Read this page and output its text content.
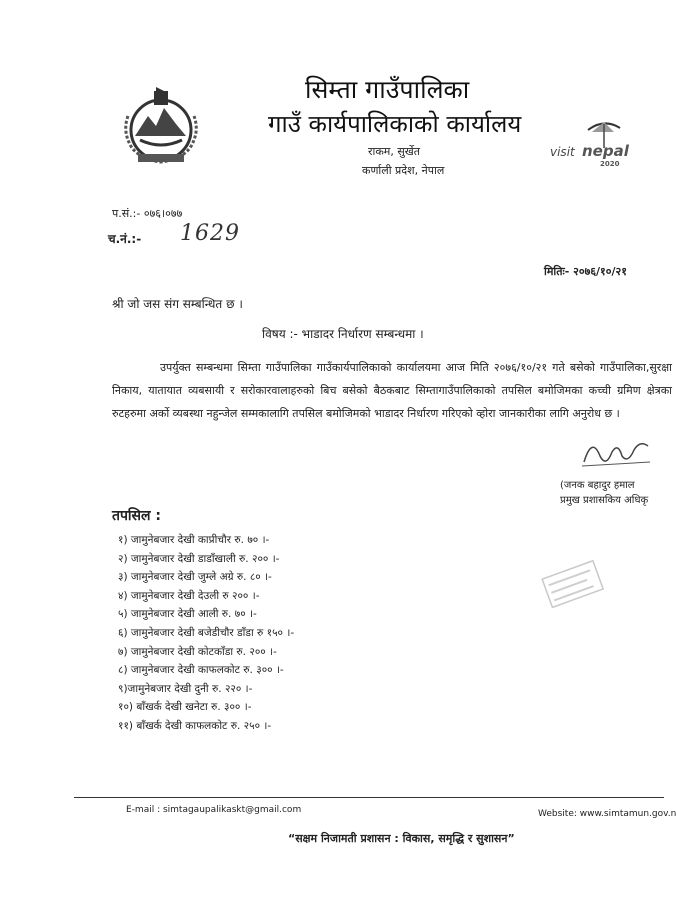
सिम्ता गाउँपालिका
गाउँ कार्यपालिकाको कार्यालय
राकम, सुर्खेत
कर्णाली प्रदेश, नेपाल
visit nepal
2020
प.सं.:- ०७६।०७७
च.नं.:- 1629
मितिः- २०७६/१०/२१
श्री जो जस संग सम्बन्धित छ ।
विषय :- भाडादर निर्धारण सम्बन्धमा ।
उपर्युक्त सम्बन्धमा सिम्ता गाउँपालिका गाउँकार्यपालिकाको कार्यालयमा आज मिति २०७६/१०/२१ गते बसेको गाउँपालिका,सुरक्षा निकाय, यातायात व्यबसायी र सरोकारवालाहरुको बिच बसेको बैठकबाट सिम्तागाउँपालिकाको तपसिल बमोजिमका कच्ची ग्रमिण क्षेत्रका रुटहरुमा अर्को व्यबस्था नहुन्जेल सम्मकालागि तपसिल बमोजिमको भाडादर निर्धारण गरिएको व्हाेरा जानकारीका लागि अनुरोध छ ।
(जनक बहादुर हमाल
प्रमुख प्रशासकिय अधिकृ
तपसिल :
१) जामुनेबजार देखी काप्रीचौर रु. ७० ।-
२) जामुनेबजार देखी डाडाँखाली रु. २०० ।-
३) जामुनेबजार देखी जुम्ले अग्रे रु. ८० ।-
४) जामुनेबजार देखी देउली रु २०० ।-
५) जामुनेबजार देखी आली रु. ७० ।-
६) जामुनेबजार देखी बजेडीचौर डाँडा रु १५० ।-
७) जामुनेबजार देखी कोटकाँडा रु. २०० ।-
८) जामुनेबजार देखी काफलकोट रु. ३०० ।-
९)जामुनेबजार देखी दुनी रु. २२० ।-
१०) बाँखर्क देखी खनेटा रु. ३०० ।-
११) बाँखर्क देखी काफलकोट रु. २५० ।-
E-mail : simtagaupalikaskt@gmail.com	Website: www.simtamun.gov.n
“सक्षम निजामती प्रशासन : विकास, समृद्धि र सुशासन”
